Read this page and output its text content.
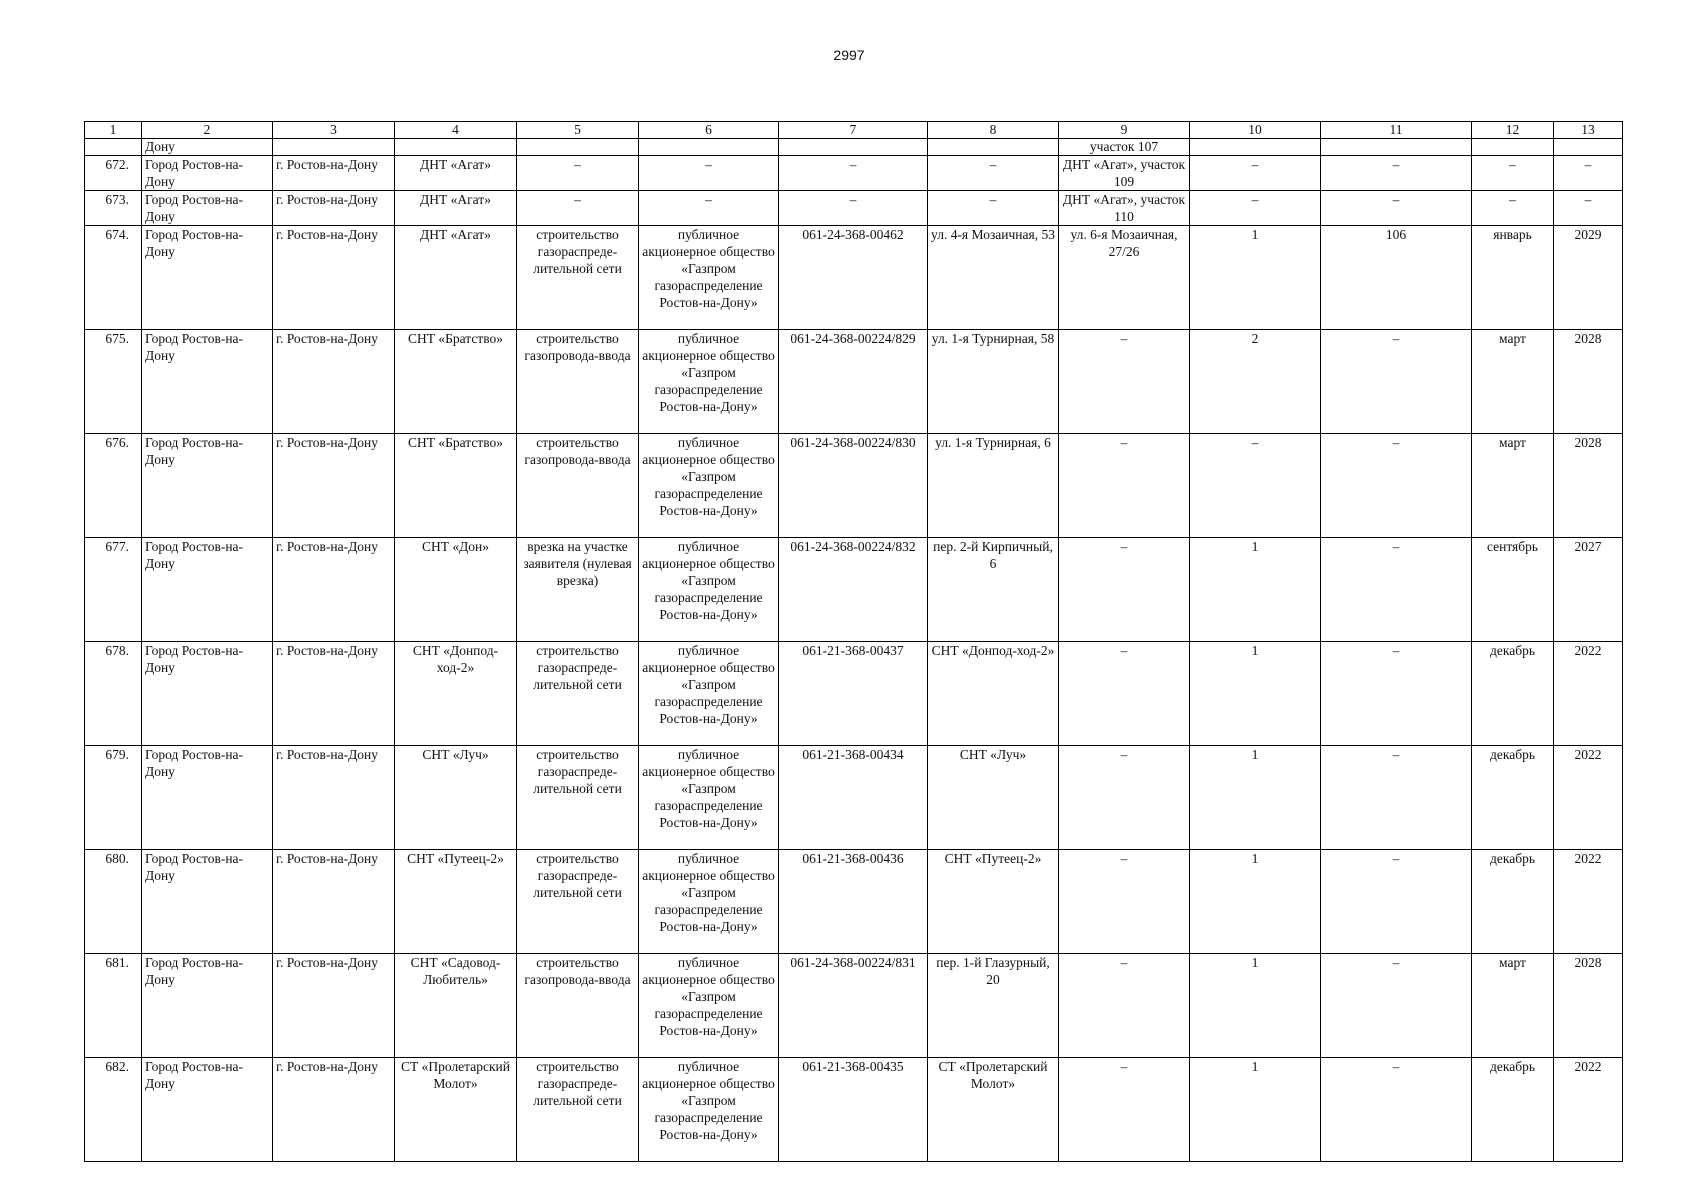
2997
1	2	3	4	5	6	7	8	9	10	11	12	13
	Дону							участок 107				
672.	Город Ростов-на-Дону	г. Ростов-на-Дону	ДНТ «Агат»	–	–	–	–	ДНТ «Агат», участок 109	–	–	–	–
673.	Город Ростов-на-Дону	г. Ростов-на-Дону	ДНТ «Агат»	–	–	–	–	ДНТ «Агат», участок 110	–	–	–	–
674.	Город Ростов-на-Дону	г. Ростов-на-Дону	ДНТ «Агат»	строительство газораспреде-лительной сети	публичное акционерное общество «Газпром газораспределение Ростов-на-Дону»	061-24-368-00462	ул. 4-я Мозаичная, 53	ул. 6-я Мозаичная, 27/26	1	106	январь	2029
675.	Город Ростов-на-Дону	г. Ростов-на-Дону	СНТ «Братство»	строительство газопровода-ввода	публичное акционерное общество «Газпром газораспределение Ростов-на-Дону»	061-24-368-00224/829	ул. 1-я Турнирная, 58	–	2	–	март	2028
676.	Город Ростов-на-Дону	г. Ростов-на-Дону	СНТ «Братство»	строительство газопровода-ввода	публичное акционерное общество «Газпром газораспределение Ростов-на-Дону»	061-24-368-00224/830	ул. 1-я Турнирная, 6	–	–	–	март	2028
677.	Город Ростов-на-Дону	г. Ростов-на-Дону	СНТ «Дон»	врезка на участке заявителя (нулевая врезка)	публичное акционерное общество «Газпром газораспределение Ростов-на-Дону»	061-24-368-00224/832	пер. 2-й Кирпичный, 6	–	1	–	сентябрь	2027
678.	Город Ростов-на-Дону	г. Ростов-на-Дону	СНТ «Донпод-ход-2»	строительство газораспреде-лительной сети	публичное акционерное общество «Газпром газораспределение Ростов-на-Дону»	061-21-368-00437	СНТ «Донпод-ход-2»	–	1	–	декабрь	2022
679.	Город Ростов-на-Дону	г. Ростов-на-Дону	СНТ «Луч»	строительство газораспреде-лительной сети	публичное акционерное общество «Газпром газораспределение Ростов-на-Дону»	061-21-368-00434	СНТ «Луч»	–	1	–	декабрь	2022
680.	Город Ростов-на-Дону	г. Ростов-на-Дону	СНТ «Путеец-2»	строительство газораспреде-лительной сети	публичное акционерное общество «Газпром газораспределение Ростов-на-Дону»	061-21-368-00436	СНТ «Путеец-2»	–	1	–	декабрь	2022
681.	Город Ростов-на-Дону	г. Ростов-на-Дону	СНТ «Садовод-Любитель»	строительство газопровода-ввода	публичное акционерное общество «Газпром газораспределение Ростов-на-Дону»	061-24-368-00224/831	пер. 1-й Глазурный, 20	–	1	–	март	2028
682.	Город Ростов-на-Дону	г. Ростов-на-Дону	СТ «Пролетарский Молот»	строительство газораспреде-лительной сети	публичное акционерное общество «Газпром газораспределение Ростов-на-Дону»	061-21-368-00435	СТ «Пролетарский Молот»	–	1	–	декабрь	2022
